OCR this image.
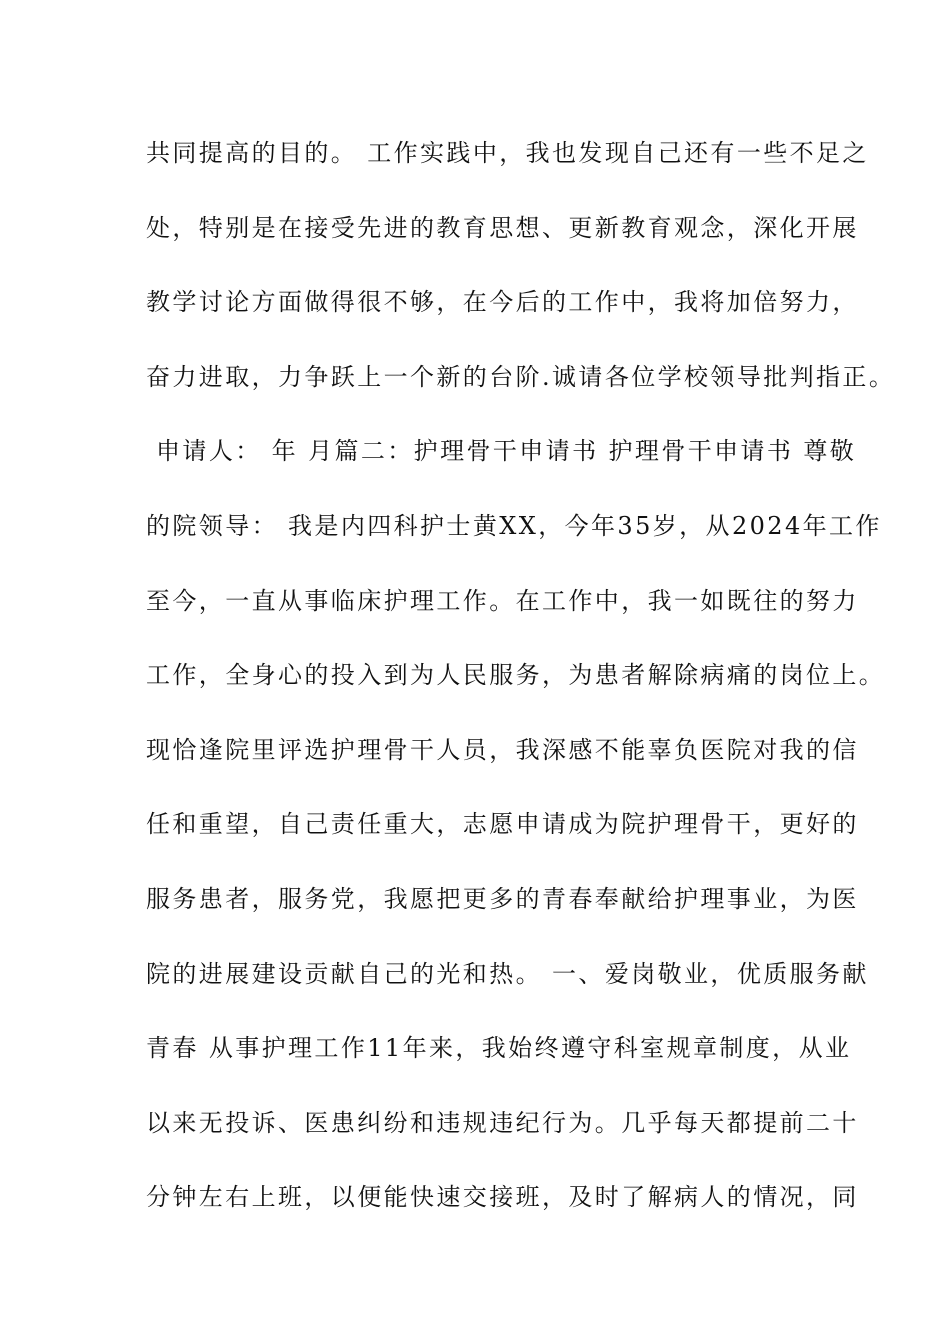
共同提高的目的。 工作实践中，我也发现自己还有一些不足之
处，特别是在接受先进的教育思想、更新教育观念，深化开展
教学讨论方面做得很不够，在今后的工作中，我将加倍努力，
奋力进取，力争跃上一个新的台阶.诚请各位学校领导批判指正。
申请人： 年 月篇二：护理骨干申请书 护理骨干申请书 尊敬
的院领导： 我是内四科护士黄XX，今年35岁，从2024年工作
至今，一直从事临床护理工作。在工作中，我一如既往的努力
工作，全身心的投入到为人民服务，为患者解除病痛的岗位上。
现恰逢院里评选护理骨干人员，我深感不能辜负医院对我的信
任和重望，自己责任重大，志愿申请成为院护理骨干，更好的
服务患者，服务党，我愿把更多的青春奉献给护理事业，为医
院的进展建设贡献自己的光和热。 一、爱岗敬业，优质服务献
青春 从事护理工作11年来，我始终遵守科室规章制度，从业
以来无投诉、医患纠纷和违规违纪行为。几乎每天都提前二十
分钟左右上班，以便能快速交接班，及时了解病人的情况，同
